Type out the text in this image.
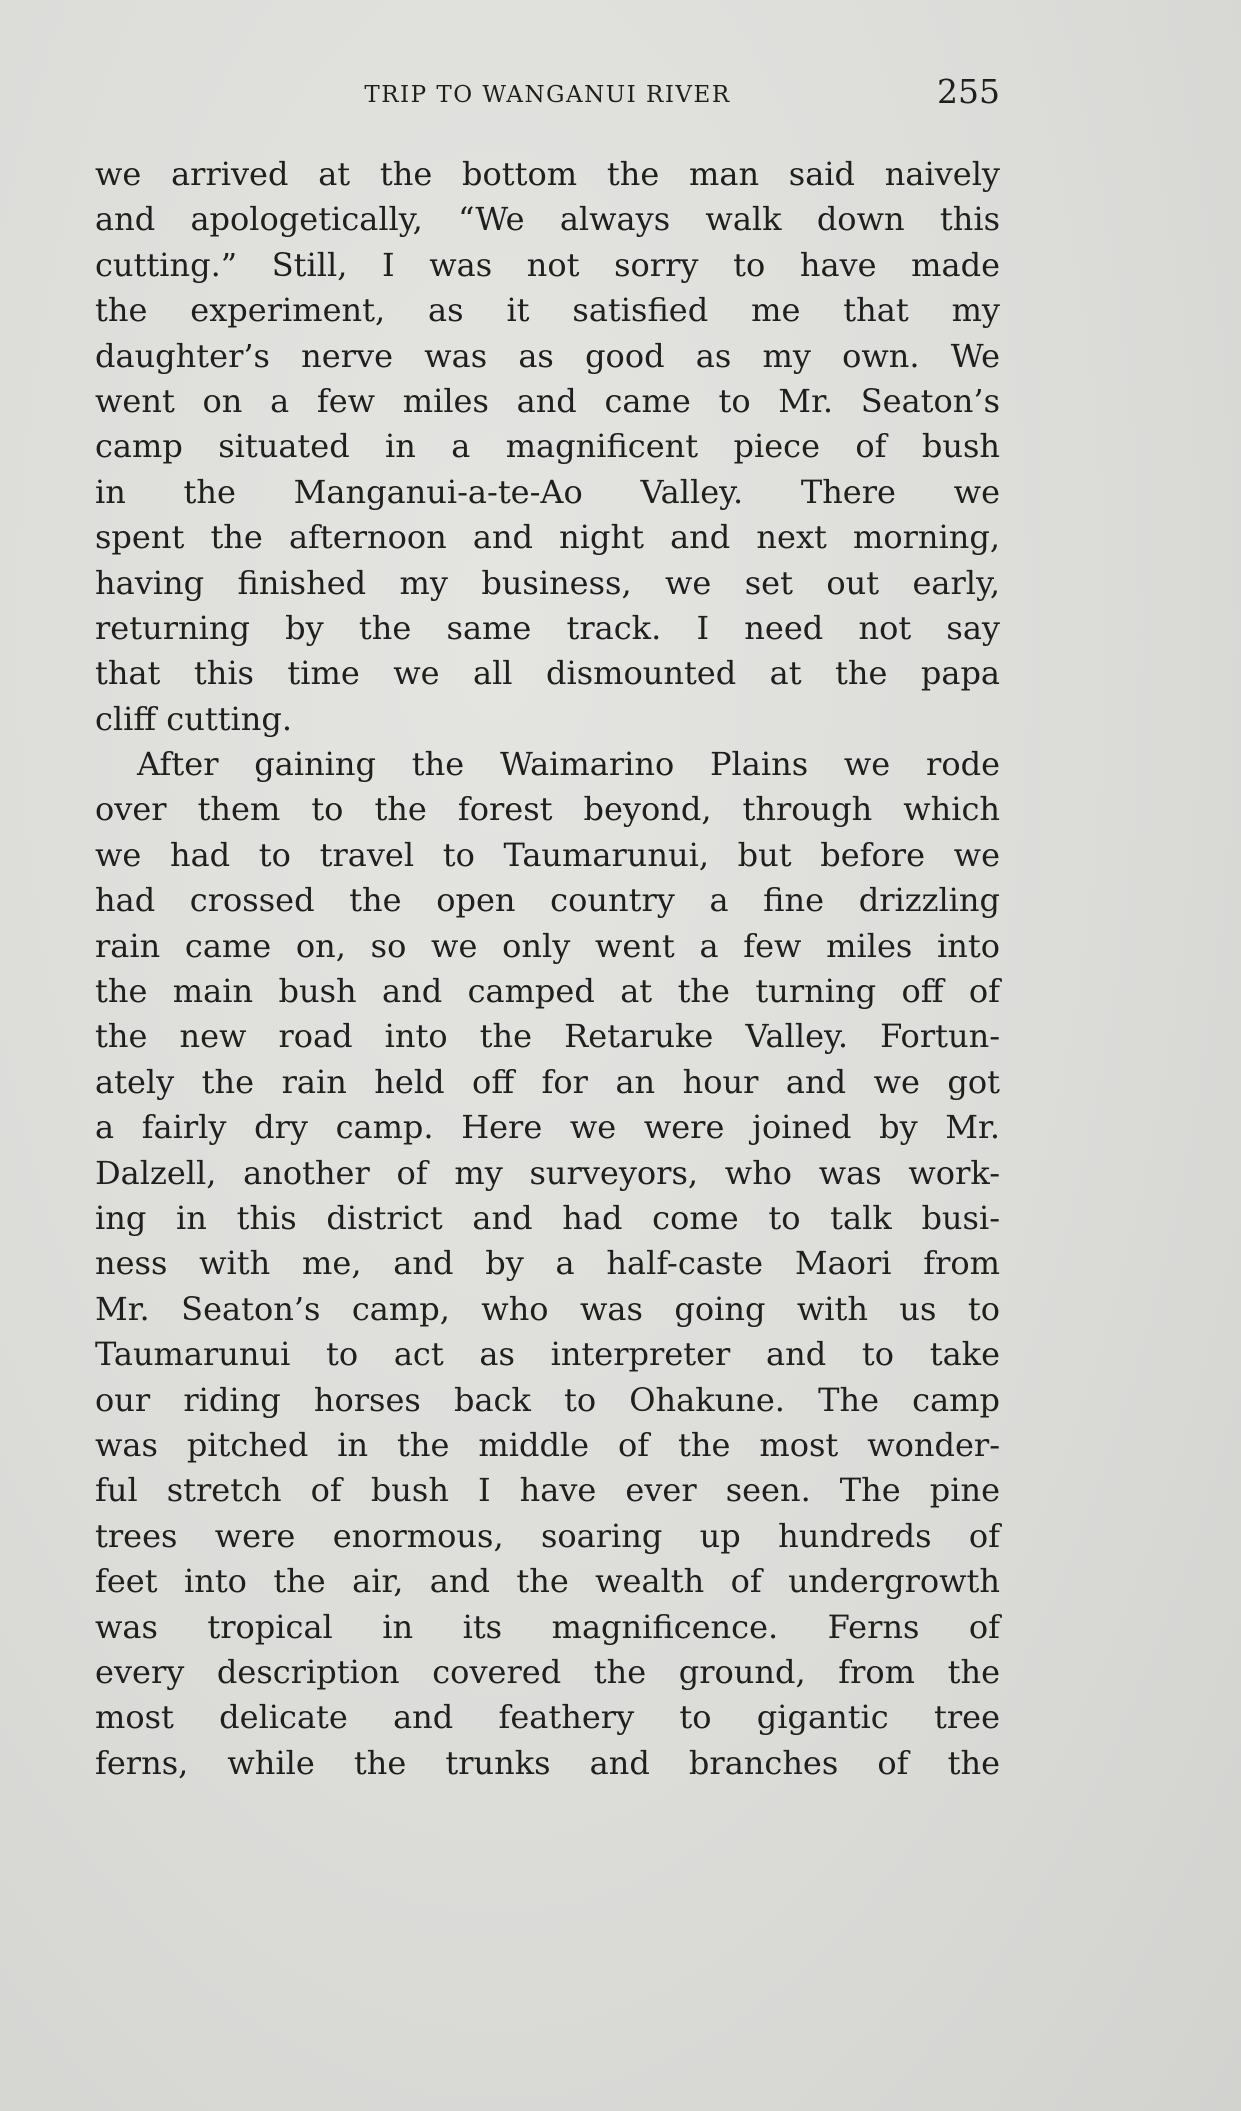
TRIP TO WANGANUI RIVER	255
we arrived at the bottom the man said naively
and apologetically, “We always walk down this
cutting.” Still, I was not sorry to have made
the experiment, as it satisfied me that my
daughter’s nerve was as good as my own. We
went on a few miles and came to Mr. Seaton’s
camp situated in a magnificent piece of bush
in the Manganui-a-te-Ao Valley. There we
spent the afternoon and night and next morning,
having finished my business, we set out early,
returning by the same track. I need not say
that this time we all dismounted at the papa
cliff cutting.
After gaining the Waimarino Plains we rode
over them to the forest beyond, through which
we had to travel to Taumarunui, but before we
had crossed the open country a fine drizzling
rain came on, so we only went a few miles into
the main bush and camped at the turning off of
the new road into the Retaruke Valley. Fortun-
ately the rain held off for an hour and we got
a fairly dry camp. Here we were joined by Mr.
Dalzell, another of my surveyors, who was work-
ing in this district and had come to talk busi-
ness with me, and by a half-caste Maori from
Mr. Seaton’s camp, who was going with us to
Taumarunui to act as interpreter and to take
our riding horses back to Ohakune. The camp
was pitched in the middle of the most wonder-
ful stretch of bush I have ever seen. The pine
trees were enormous, soaring up hundreds of
feet into the air, and the wealth of undergrowth
was tropical in its magnificence. Ferns of
every description covered the ground, from the
most delicate and feathery to gigantic tree
ferns, while the trunks and branches of the
